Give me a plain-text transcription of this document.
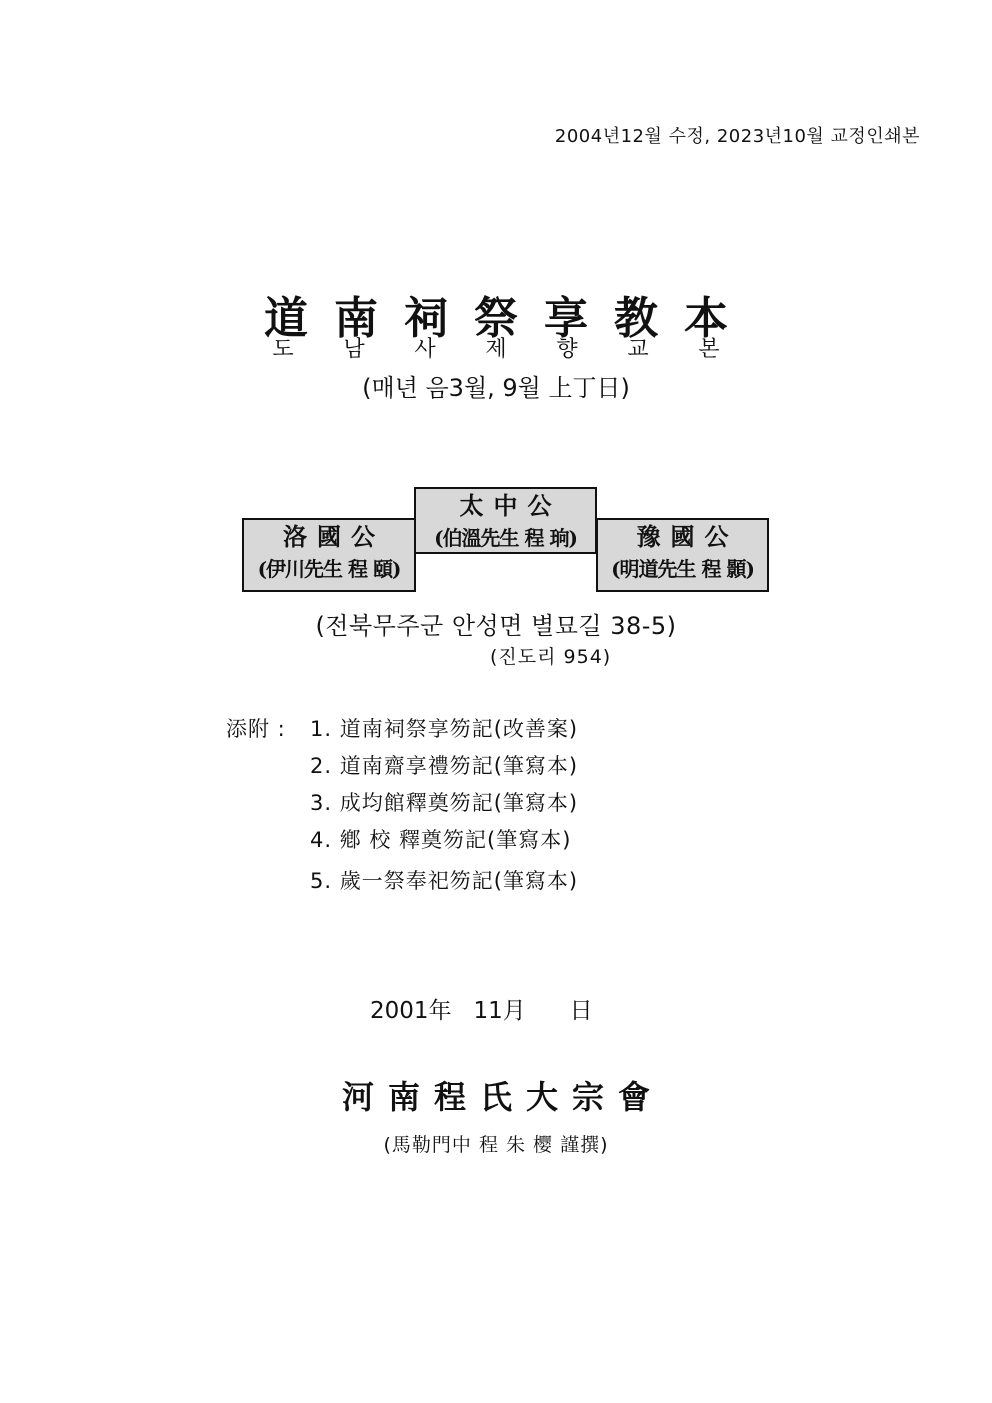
2004년12월 수정, 2023년10월 교정인쇄본
道南祠祭享教本
도 남 사 제 향 교 본
(매년 음3월, 9월 上丁日)
太中公
(伯溫先生 程 珦)
洛國公
(伊川先生 程 頤)
豫國公
(明道先生 程 顥)
(전북무주군 안성면 별묘길 38-5)
(진도리 954)
添附 : 1. 道南祠祭享笏記(改善案)
2. 道南齋享禮笏記(筆寫本)
3. 成均館釋奠笏記(筆寫本)
4. 鄕 校 釋奠笏記(筆寫本)
5. 歲一祭奉祀笏記(筆寫本)
2001年   11月      日
河南程氏大宗會
(馬勒門中 程 朱 樱 謹撰)
